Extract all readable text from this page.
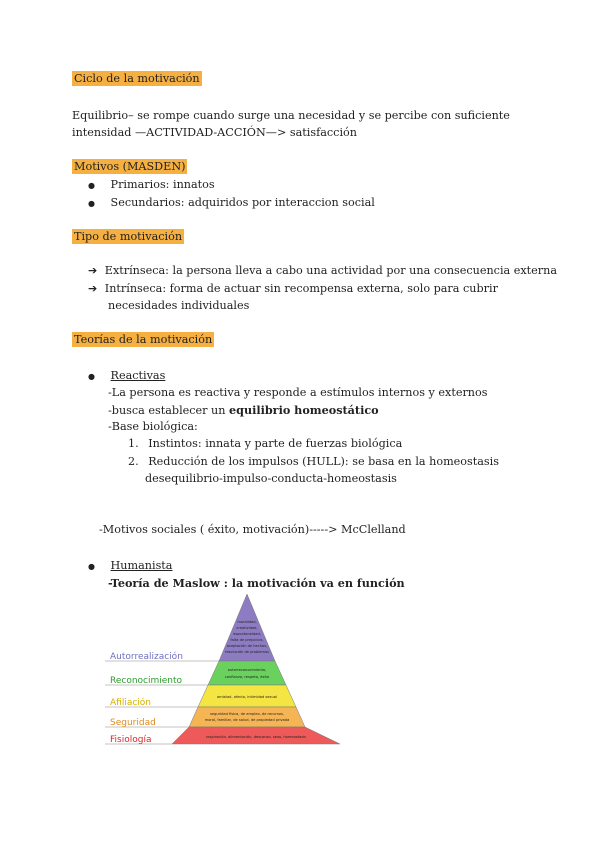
Ciclo de la motivación
Equilibrio– se rompe cuando surge una necesidad y se percibe con suficiente
intensidad —ACTIVIDAD-ACCIÓN—> satisfacción
Motivos (MASDEN)
● Primarios: innatos
● Secundarios: adquiridos por interaccion social
Tipo de motivación
➔ Extrínseca: la persona lleva a cabo una actividad por una consecuencia externa
➔ Intrínseca: forma de actuar sin recompensa externa, solo para cubrir
necesidades individuales
Teorías de la motivación
● Reactivas
-La persona es reactiva y responde a estímulos internos y externos
-busca establecer un equilibrio homeostático
-Base biológica:
1. Instintos: innata y parte de fuerzas biológica
2. Reducción de los impulsos (HULL): se basa en la homeostasis
desequilibrio-impulso-conducta-homeostasis
-Motivos sociales ( éxito, motivación)-----> McClelland
● Humanista
-Teoría de Maslow : la motivación va en función
Autorrealización
Reconocimiento
Afiliación
Seguridad
Fisiología
moralidad,
creatividad,
espontaneidad,
falta de prejuicios,
aceptación de hechos,
resolución de problemas
autorreconocimiento,
confianza, respeto, éxito
amistad, afecto, intimidad sexual
seguridad física, de empleo, de recursos,
moral, familiar, de salud, de propiedad privada
respiración, alimentación, descanso, sexo, homeostasis
